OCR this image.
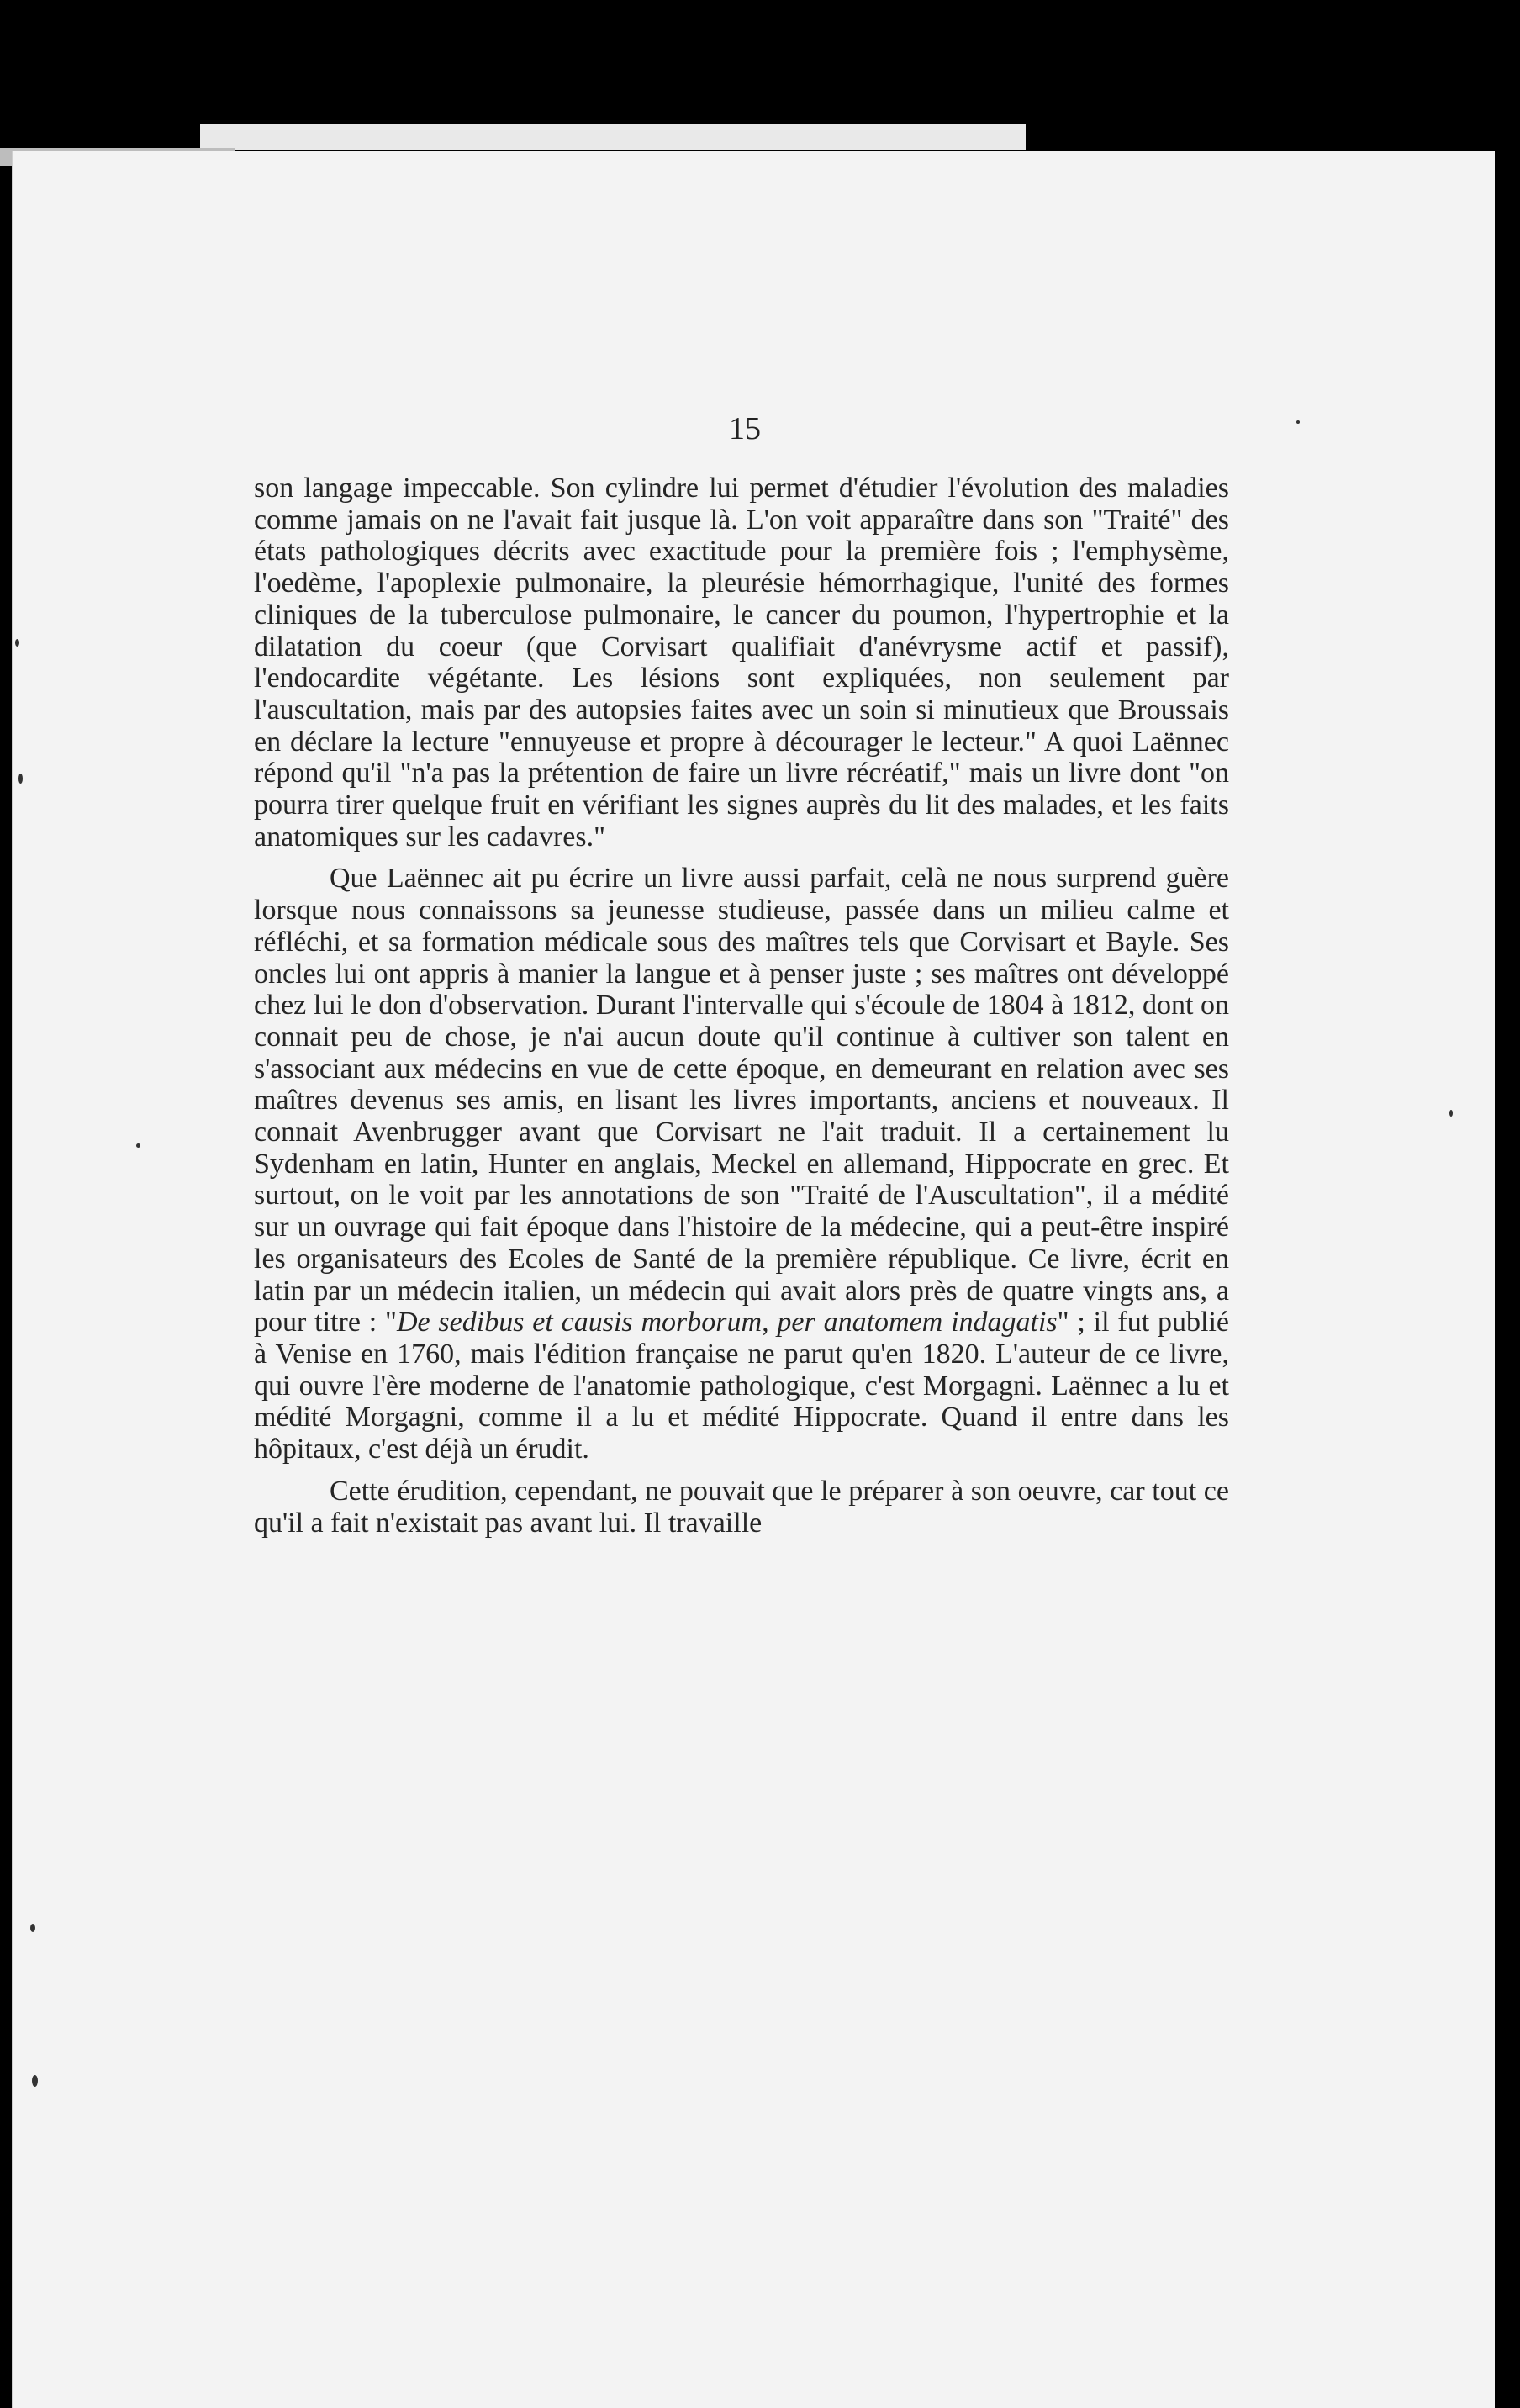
15

son langage impeccable. Son cylindre lui permet d'étudier l'évolution des maladies comme jamais on ne l'avait fait jusque là. L'on voit apparaître dans son "Traité" des états pathologiques décrits avec exactitude pour la première fois ; l'emphysème, l'oedème, l'apoplexie pulmonaire, la pleurésie hémorrhagique, l'unité des formes cliniques de la tuberculose pulmonaire, le cancer du poumon, l'hypertrophie et la dilatation du coeur (que Corvisart qualifiait d'anévrysme actif et passif), l'endocardite végétante. Les lésions sont expliquées, non seulement par l'auscultation, mais par des autopsies faites avec un soin si minutieux que Broussais en déclare la lecture "ennuyeuse et propre à décourager le lecteur." A quoi Laënnec répond qu'il "n'a pas la prétention de faire un livre récréatif," mais un livre dont "on pourra tirer quelque fruit en vérifiant les signes auprès du lit des malades, et les faits anatomiques sur les cadavres."

Que Laënnec ait pu écrire un livre aussi parfait, celà ne nous surprend guère lorsque nous connaissons sa jeunesse studieuse, passée dans un milieu calme et réfléchi, et sa formation médicale sous des maîtres tels que Corvisart et Bayle. Ses oncles lui ont appris à manier la langue et à penser juste ; ses maîtres ont développé chez lui le don d'observation. Durant l'intervalle qui s'écoule de 1804 à 1812, dont on connait peu de chose, je n'ai aucun doute qu'il continue à cultiver son talent en s'associant aux médecins en vue de cette époque, en demeurant en relation avec ses maîtres devenus ses amis, en lisant les livres importants, anciens et nouveaux. Il connait Avenbrugger avant que Corvisart ne l'ait traduit. Il a certainement lu Sydenham en latin, Hunter en anglais, Meckel en allemand, Hippocrate en grec. Et surtout, on le voit par les annotations de son "Traité de l'Auscultation", il a médité sur un ouvrage qui fait époque dans l'histoire de la médecine, qui a peut-être inspiré les organisateurs des Ecoles de Santé de la première république. Ce livre, écrit en latin par un médecin italien, un médecin qui avait alors près de quatre vingts ans, a pour titre : "De sedibus et causis morborum, per anatomem indagatis" ; il fut publié à Venise en 1760, mais l'édition française ne parut qu'en 1820. L'auteur de ce livre, qui ouvre l'ère moderne de l'anatomie pathologique, c'est Morgagni. Laënnec a lu et médité Morgagni, comme il a lu et médité Hippocrate. Quand il entre dans les hôpitaux, c'est déjà un érudit.

Cette érudition, cependant, ne pouvait que le préparer à son oeuvre, car tout ce qu'il a fait n'existait pas avant lui. Il travaille
